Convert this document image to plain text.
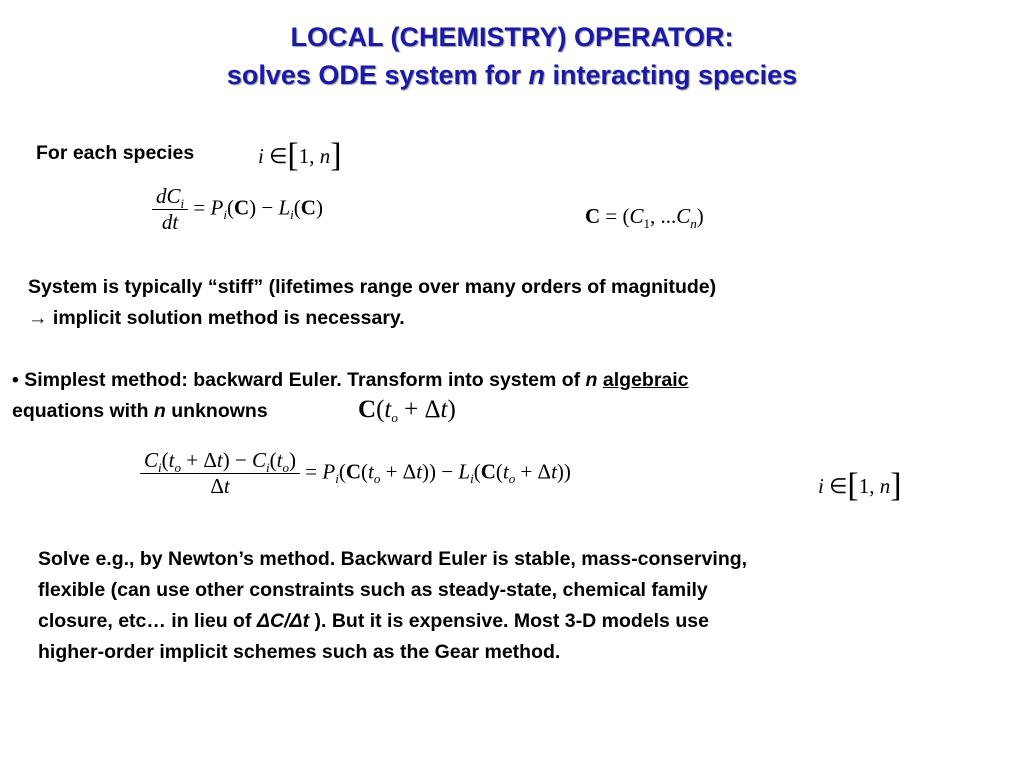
LOCAL (CHEMISTRY) OPERATOR:
solves ODE system for n interacting species
For each species	i ∈[1, n]
$\frac{dC_i}{dt} = P_i(C) - L_i(C)$	$C = (C_1$, $...C_n$)
System is typically “stiff” (lifetimes range over many orders of magnitude)
→ implicit solution method is necessary.
• Simplest method: backward Euler. Transform into system of n algebraic
equations with n unknowns	$C(t_o + \Delta t)$
$\frac{C_i(t_o + \Delta t) - C_i(t_o)}{\Delta t} = P_i(C(t_o + \Delta t)) - L_i(C(t_o + \Delta t))$
i ∈[1, n]
Solve e.g., by Newton’s method. Backward Euler is stable, mass-conserving,
flexible (can use other constraints such as steady-state, chemical family
closure, etc… in lieu of ΔC/Δt ). But it is expensive. Most 3-D models use
higher-order implicit schemes such as the Gear method.
